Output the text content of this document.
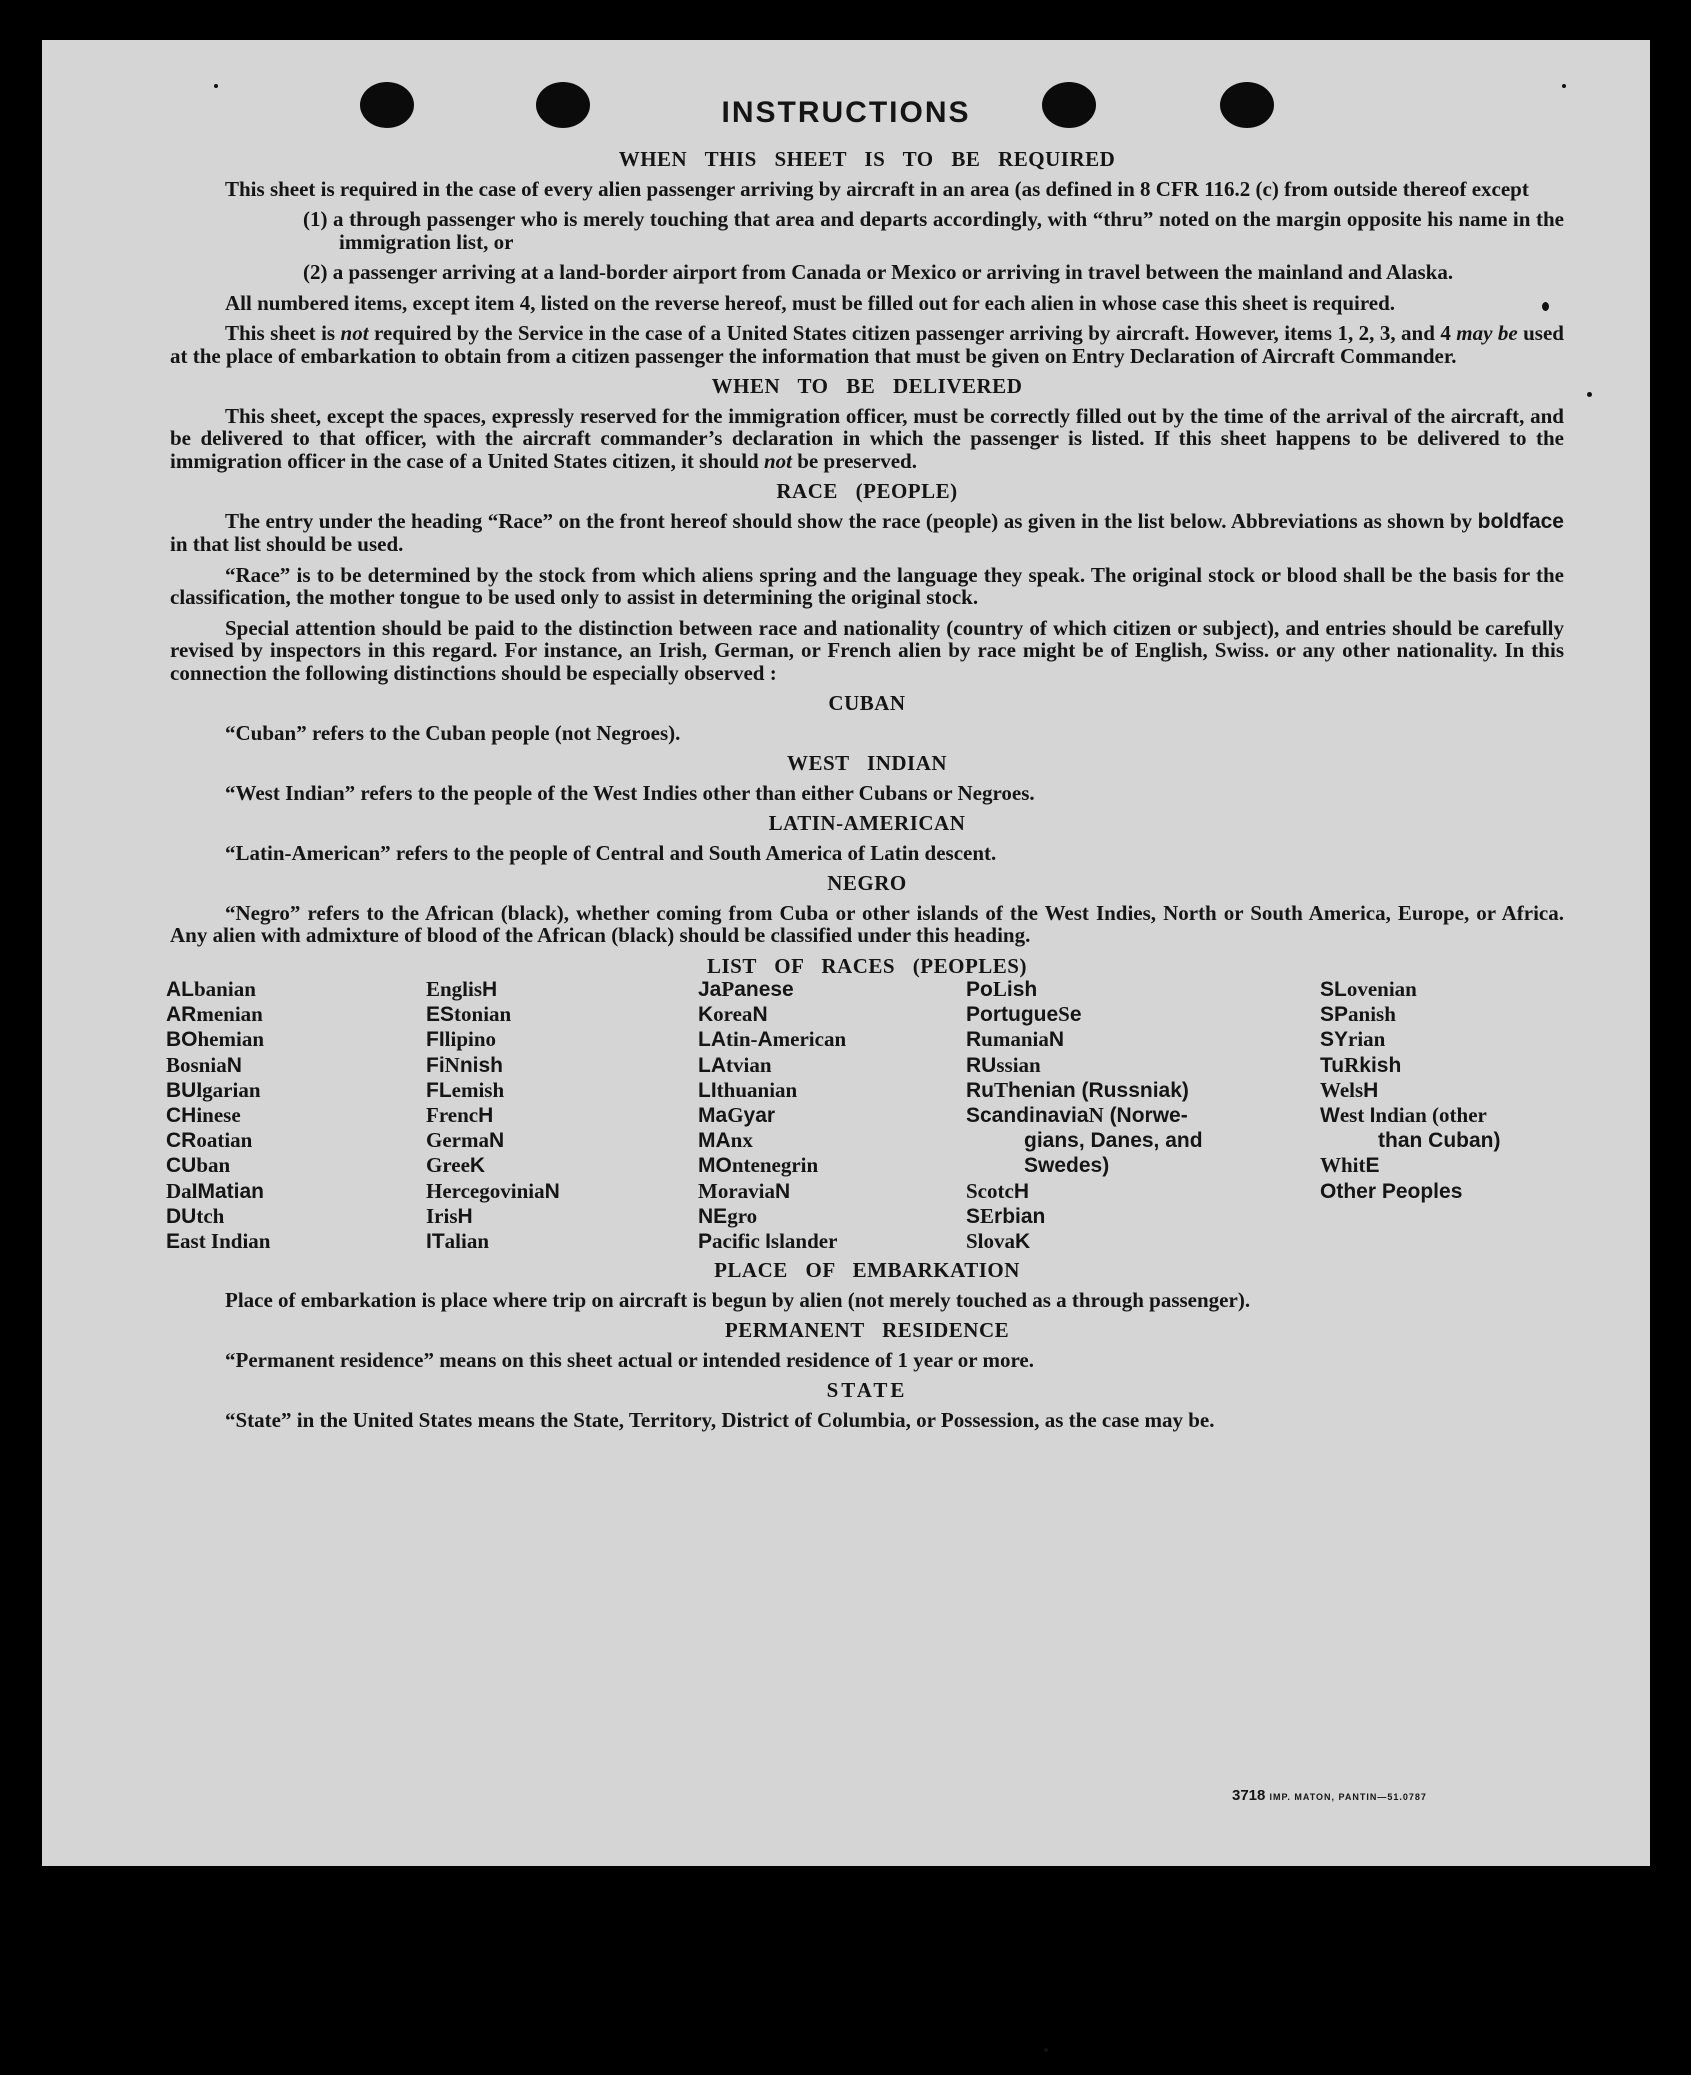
INSTRUCTIONS
WHEN THIS SHEET IS TO BE REQUIRED

This sheet is required in the case of every alien passenger arriving by aircraft in an area (as defined in 8 CFR 116.2 (c) from outside thereof except

(1) a through passenger who is merely touching that area and departs accordingly, with “thru” noted on the margin opposite his name in the immigration list, or
(2) a passenger arriving at a land-border airport from Canada or Mexico or arriving in travel between the mainland and Alaska.

All numbered items, except item 4, listed on the reverse hereof, must be filled out for each alien in whose case this sheet is required.

This sheet is not required by the Service in the case of a United States citizen passenger arriving by aircraft. However, items 1, 2, 3, and 4 may be used at the place of embarkation to obtain from a citizen passenger the information that must be given on Entry Declaration of Aircraft Commander.

WHEN TO BE DELIVERED

This sheet, except the spaces, expressly reserved for the immigration officer, must be correctly filled out by the time of the arrival of the aircraft, and be delivered to that officer, with the aircraft commander’s declaration in which the passenger is listed. If this sheet happens to be delivered to the immigration officer in the case of a United States citizen, it should not be preserved.

RACE (PEOPLE)

The entry under the heading “Race” on the front hereof should show the race (people) as given in the list below. Abbreviations as shown by boldface in that list should be used.

“Race” is to be determined by the stock from which aliens spring and the language they speak. The original stock or blood shall be the basis for the classification, the mother tongue to be used only to assist in determining the original stock.

Special attention should be paid to the distinction between race and nationality (country of which citizen or subject), and entries should be carefully revised by inspectors in this regard. For instance, an Irish, German, or French alien by race might be of English, Swiss. or any other nationality. In this connection the following distinctions should be especially observed :

CUBAN

“Cuban” refers to the Cuban people (not Negroes).

WEST INDIAN

“West Indian” refers to the people of the West Indies other than either Cubans or Negroes.

LATIN-AMERICAN

“Latin-American” refers to the people of Central and South America of Latin descent.

NEGRO

“Negro” refers to the African (black), whether coming from Cuba or other islands of the West Indies, North or South America, Europe, or Africa. Any alien with admixture of blood of the African (black) should be classified under this heading.

LIST OF RACES (PEOPLES)
ALbanian
ARmenian
BOhemian
BosniaN
BUlgarian
CHinese
CRoatian
CUban
DalMatian
DUtch
East Indian
EnglisH
EStonian
FIlipino
FiNnish
FLemish
FrencH
GermaN
GreeK
HercegoviniaN
IrisH
ITalian
JaPanese
KoreaN
LAtin-American
LAtvian
LIthuanian
MaGyar
MAnx
MOntenegrin
MoraviaN
NEgro
Pacific Islander
PoLish
PortugueSe
RumaniaN
RUssian
RuThenian (Russniak)
ScandinaviaN (Norwe-
gians, Danes, and
Swedes)
ScotcH
SErbian
SlovaK
SLovenian
SPanish
SYrian
TuRkish
WelsH
West Indian (other
than Cuban)
WhitE
Other Peoples
PLACE OF EMBARKATION

Place of embarkation is place where trip on aircraft is begun by alien (not merely touched as a through passenger).

PERMANENT RESIDENCE

“Permanent residence” means on this sheet actual or intended residence of 1 year or more.

STATE

“State” in the United States means the State, Territory, District of Columbia, or Possession, as the case may be.

3718 IMP. MATON, PANTIN—51.0787
